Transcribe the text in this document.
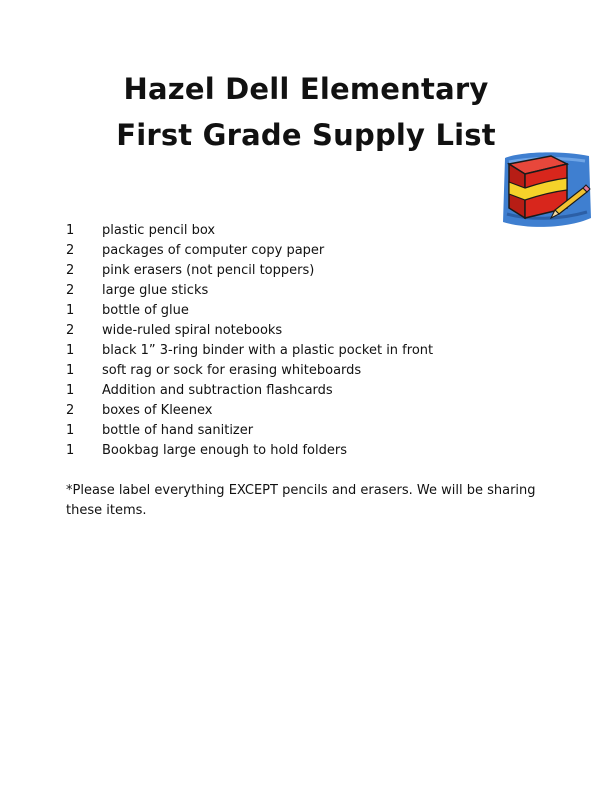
Hazel Dell Elementary
First Grade Supply List
1	plastic pencil box
2	packages of computer copy paper
2	pink erasers (not pencil toppers)
2	large glue sticks
1	bottle of glue
2	wide-ruled spiral notebooks
1	black 1” 3-ring binder with a plastic pocket in front
1	soft rag or sock for erasing whiteboards
1	Addition and subtraction flashcards
2	boxes of Kleenex
1	bottle of hand sanitizer
1	Bookbag large enough to hold folders

*Please label everything EXCEPT pencils and erasers. We will be sharing these items.
